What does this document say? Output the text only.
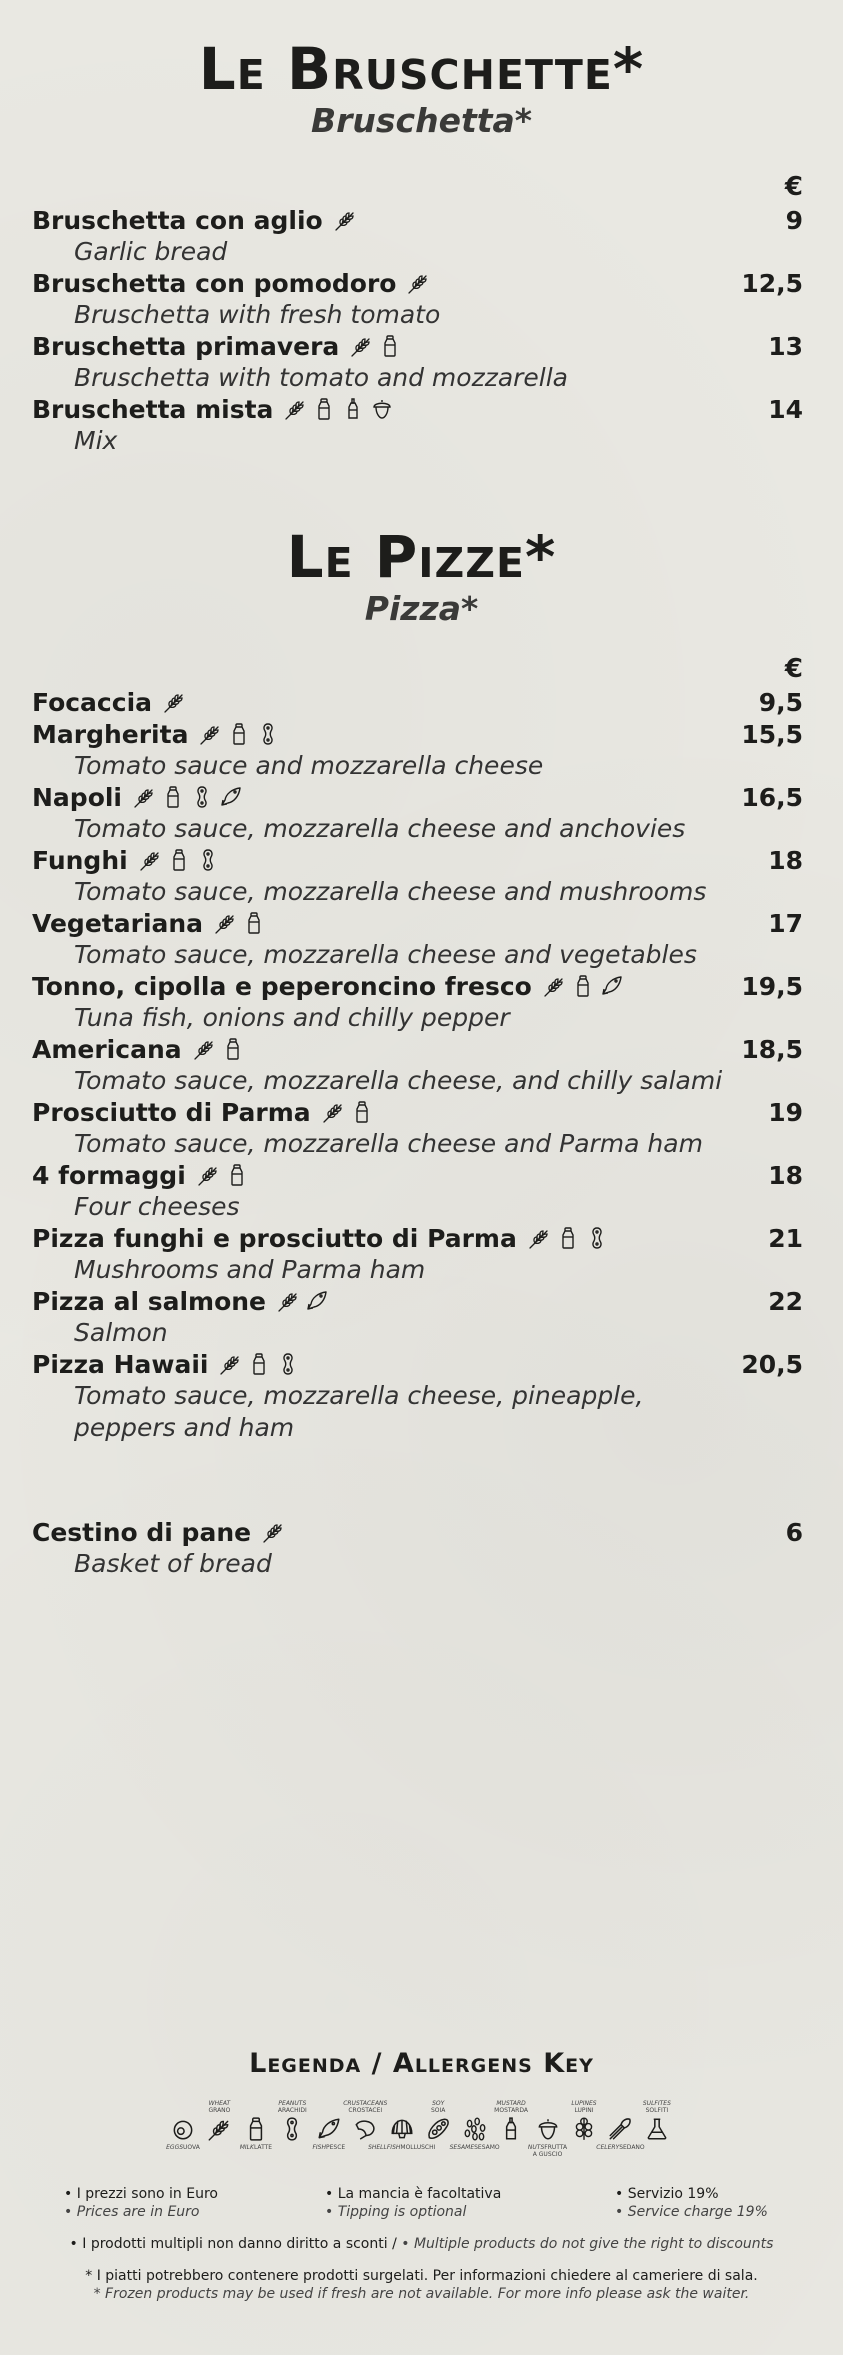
Le Bruschette*
Bruschetta*
€
Bruschetta con aglio	9
Garlic bread
Bruschetta con pomodoro	12,5
Bruschetta with fresh tomato
Bruschetta primavera	13
Bruschetta with tomato and mozzarella
Bruschetta mista	14
Mix
Le Pizze*
Pizza*
€
Focaccia	9,5
Margherita	15,5
Tomato sauce and mozzarella cheese
Napoli	16,5
Tomato sauce, mozzarella cheese and anchovies
Funghi	18
Tomato sauce, mozzarella cheese and mushrooms
Vegetariana	17
Tomato sauce, mozzarella cheese and vegetables
Tonno, cipolla e peperoncino fresco	19,5
Tuna fish, onions and chilly pepper
Americana	18,5
Tomato sauce, mozzarella cheese, and chilly salami
Prosciutto di Parma	19
Tomato sauce, mozzarella cheese and Parma ham
4 formaggi	18
Four cheeses
Pizza funghi e prosciutto di Parma	21
Mushrooms and Parma ham
Pizza al salmone	22
Salmon
Pizza Hawaii	20,5
Tomato sauce, mozzarella cheese, pineapple,
peppers and ham
Cestino di pane	6
Basket of bread
Legenda / Allergens Key
EGGSUOVA
WHEAT
GRANO
MILKLATTE
PEANUTS
ARACHIDI
FISHPESCE
CRUSTACEANS
CROSTACEI
SHELLFISHMOLLUSCHI
SOY
SOIA
SESAMESESAMO
MUSTARD
MOSTARDA
NUTSFRUTTA A GUSCIO
LUPINES
LUPINI
CELERYSEDANO
SULFITES
SOLFITI
• I prezzi sono in Euro
• Prices are in Euro
• La mancia è facoltativa
• Tipping is optional
• Servizio 19%
• Service charge 19%
• I prodotti multipli non danno diritto a sconti / • Multiple products do not give the right to discounts
* I piatti potrebbero contenere prodotti surgelati. Per informazioni chiedere al cameriere di sala.
* Frozen products may be used if fresh are not available. For more info please ask the waiter.
